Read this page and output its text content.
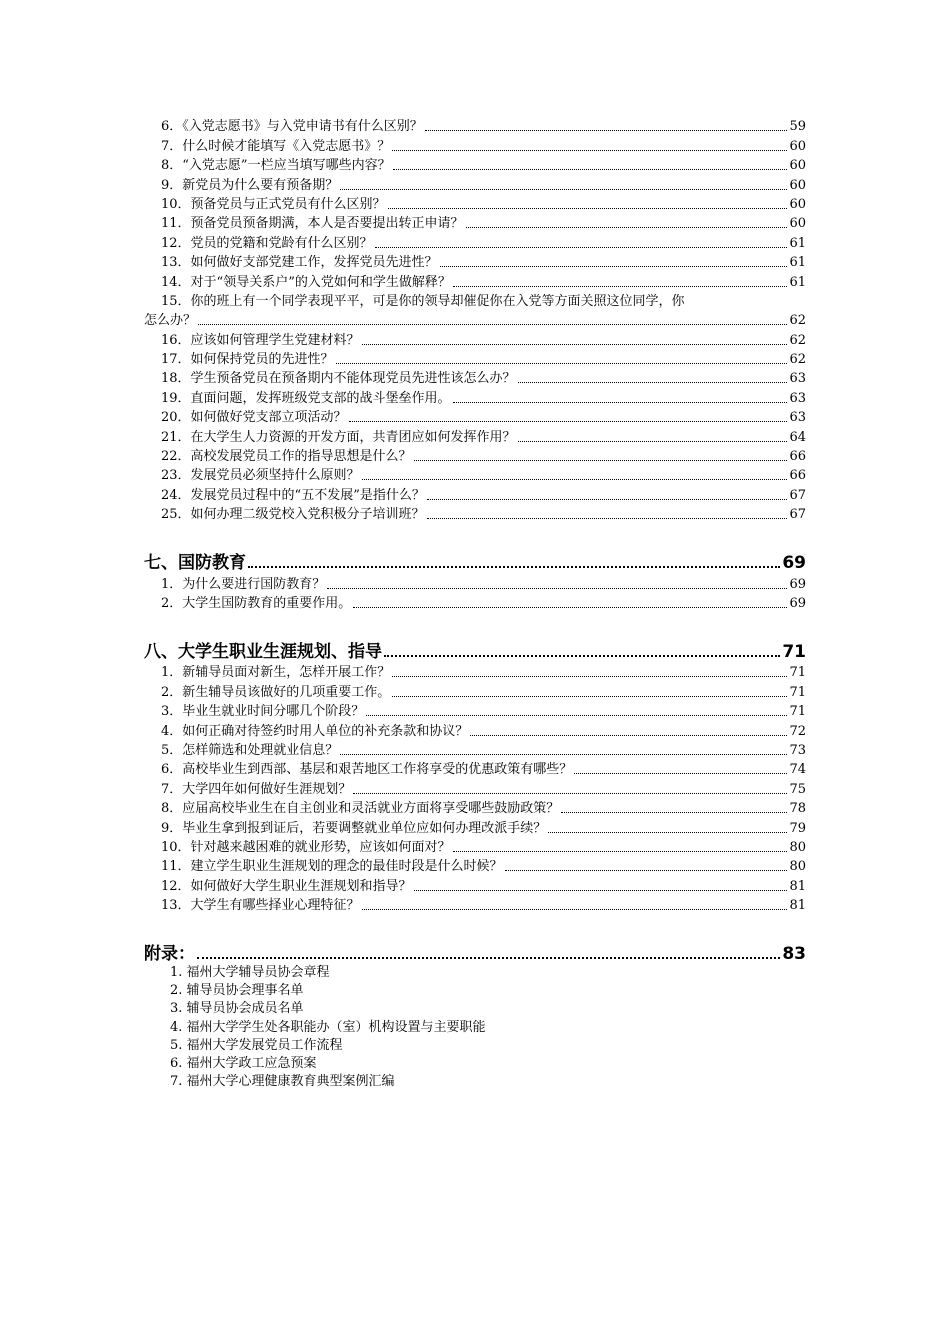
6．《入党志愿书》与入党申请书有什么区别？	59
7．什么时候才能填写《入党志愿书》？	60
8．“入党志愿”一栏应当填写哪些内容？	60
9．新党员为什么要有预备期？	60
10．预备党员与正式党员有什么区别？	60
11．预备党员预备期满，本人是否要提出转正申请？	60
12．党员的党籍和党龄有什么区别？	61
13．如何做好支部党建工作，发挥党员先进性？	61
14．对于“领导关系户”的入党如何和学生做解释？	61
15．你的班上有一个同学表现平平，可是你的领导却催促你在入党等方面关照这位同学，你
怎么办？	62
16．应该如何管理学生党建材料？	62
17．如何保持党员的先进性？	62
18．学生预备党员在预备期内不能体现党员先进性该怎么办？	63
19．直面问题，发挥班级党支部的战斗堡垒作用。	63
20．如何做好党支部立项活动？	63
21．在大学生人力资源的开发方面，共青团应如何发挥作用？	64
22．高校发展党员工作的指导思想是什么？	66
23．发展党员必须坚持什么原则？	66
24．发展党员过程中的“五不发展”是指什么？	67
25．如何办理二级党校入党积极分子培训班？	67
七、国防教育	69
1．为什么要进行国防教育？	69
2．大学生国防教育的重要作用。	69
八、大学生职业生涯规划、指导	71
1．新辅导员面对新生，怎样开展工作？	71
2．新生辅导员该做好的几项重要工作。	71
3．毕业生就业时间分哪几个阶段？	71
4．如何正确对待签约时用人单位的补充条款和协议？	72
5．怎样筛选和处理就业信息？	73
6．高校毕业生到西部、基层和艰苦地区工作将享受的优惠政策有哪些？	74
7．大学四年如何做好生涯规划？	75
8．应届高校毕业生在自主创业和灵活就业方面将享受哪些鼓励政策？	78
9．毕业生拿到报到证后，若要调整就业单位应如何办理改派手续？	79
10．针对越来越困难的就业形势，应该如何面对？	80
11．建立学生职业生涯规划的理念的最佳时段是什么时候？	80
12．如何做好大学生职业生涯规划和指导？	81
13．大学生有哪些择业心理特征？	81
附录：	83
1. 福州大学辅导员协会章程
2. 辅导员协会理事名单
3. 辅导员协会成员名单
4. 福州大学学生处各职能办（室）机构设置与主要职能
5. 福州大学发展党员工作流程
6. 福州大学政工应急预案
7. 福州大学心理健康教育典型案例汇编
